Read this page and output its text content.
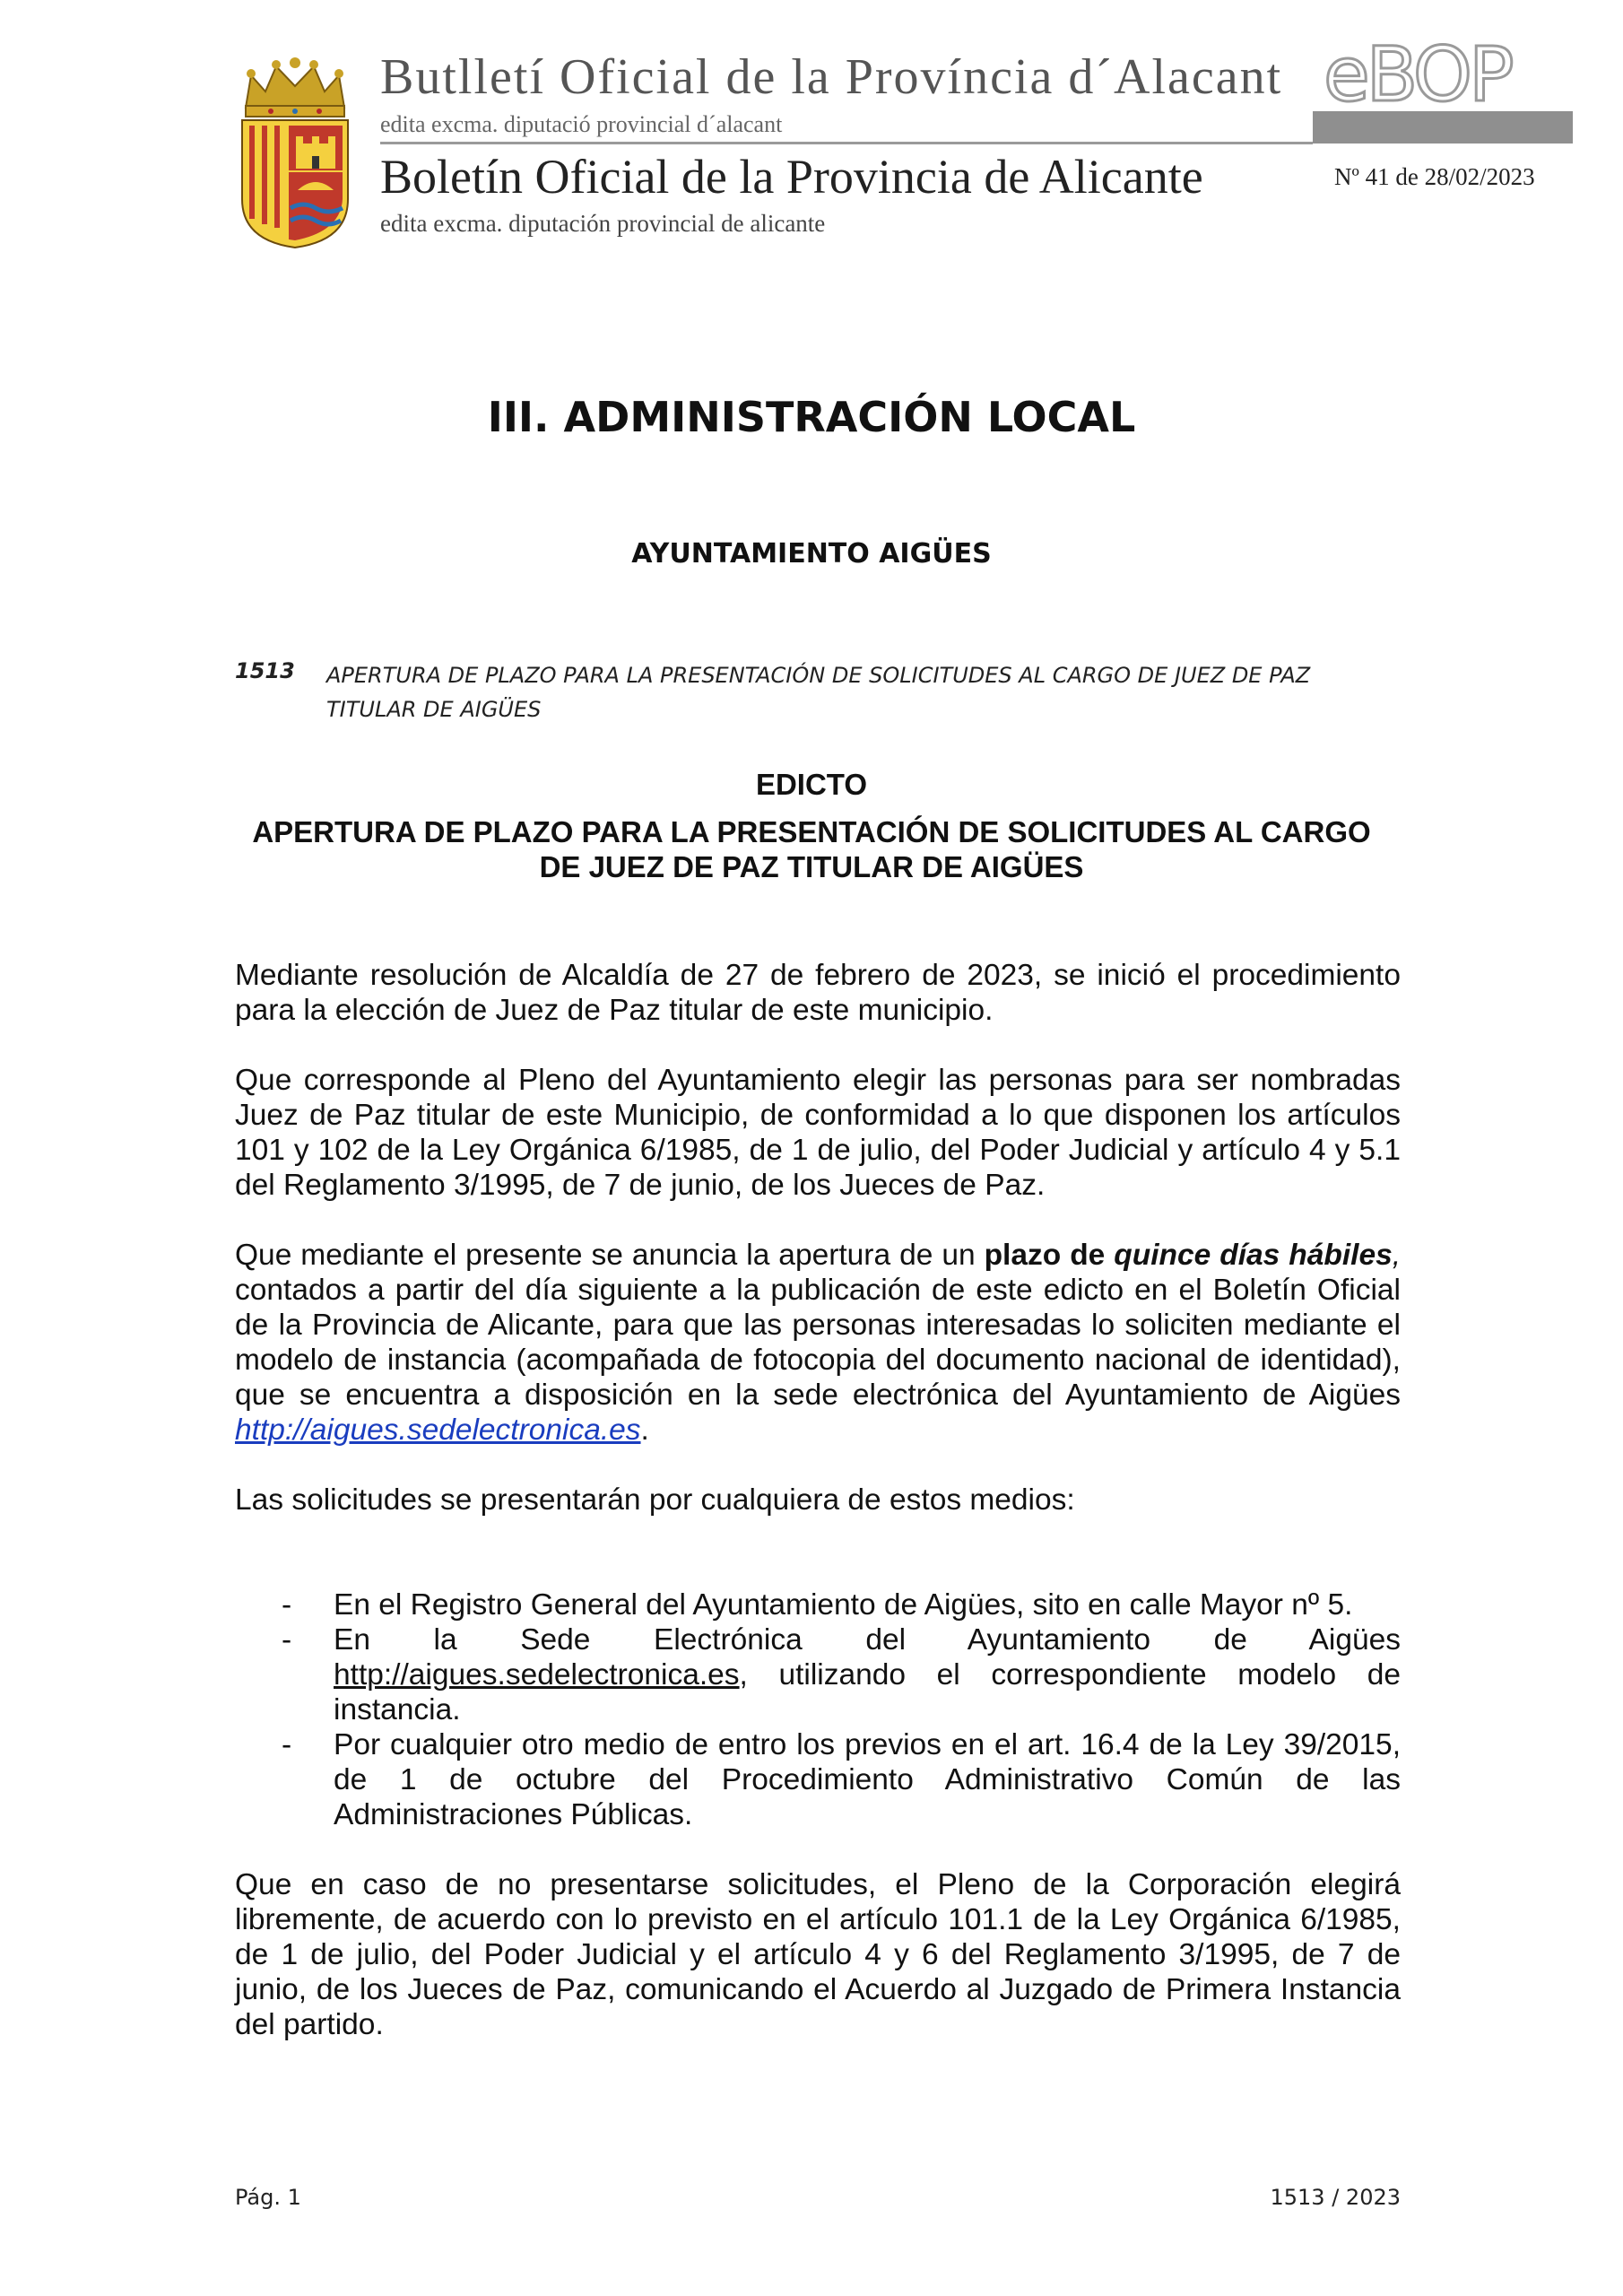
Butlletí Oficial de la Província d´Alacant
edita excma. diputació provincial d´alacant
Boletín Oficial de la Provincia de Alicante
edita excma. diputación provincial de alicante
eBOP
Nº 41 de 28/02/2023
III. ADMINISTRACIÓN LOCAL
AYUNTAMIENTO AIGÜES
1513 APERTURA DE PLAZO PARA LA PRESENTACIÓN DE SOLICITUDES AL CARGO DE JUEZ DE PAZ TITULAR DE AIGÜES
EDICTO
APERTURA DE PLAZO PARA LA PRESENTACIÓN DE SOLICITUDES AL CARGO DE JUEZ DE PAZ TITULAR DE AIGÜES

Mediante resolución de Alcaldía de 27 de febrero de 2023, se inició el procedimiento para la elección de Juez de Paz titular de este municipio.

Que corresponde al Pleno del Ayuntamiento elegir las personas para ser nombradas Juez de Paz titular de este Municipio, de conformidad a lo que disponen los artículos 101 y 102 de la Ley Orgánica 6/1985, de 1 de julio, del Poder Judicial y artículo 4 y 5.1 del Reglamento 3/1995, de 7 de junio, de los Jueces de Paz.

Que mediante el presente se anuncia la apertura de un plazo de quince días hábiles, contados a partir del día siguiente a la publicación de este edicto en el Boletín Oficial de la Provincia de Alicante, para que las personas interesadas lo soliciten mediante el modelo de instancia (acompañada de fotocopia del documento nacional de identidad), que se encuentra a disposición en la sede electrónica del Ayuntamiento de Aigües http://aigues.sedelectronica.es.

Las solicitudes se presentarán por cualquiera de estos medios:

- En el Registro General del Ayuntamiento de Aigües, sito en calle Mayor nº 5.
- En la Sede Electrónica del Ayuntamiento de Aigües http://aigues.sedelectronica.es, utilizando el correspondiente modelo de instancia.
- Por cualquier otro medio de entro los previos en el art. 16.4 de la Ley 39/2015, de 1 de octubre del Procedimiento Administrativo Común de las Administraciones Públicas.

Que en caso de no presentarse solicitudes, el Pleno de la Corporación elegirá libremente, de acuerdo con lo previsto en el artículo 101.1 de la Ley Orgánica 6/1985, de 1 de julio, del Poder Judicial y el artículo 4 y 6 del Reglamento 3/1995, de 7 de junio, de los Jueces de Paz, comunicando el Acuerdo al Juzgado de Primera Instancia del partido.

Pág. 1	1513 / 2023
